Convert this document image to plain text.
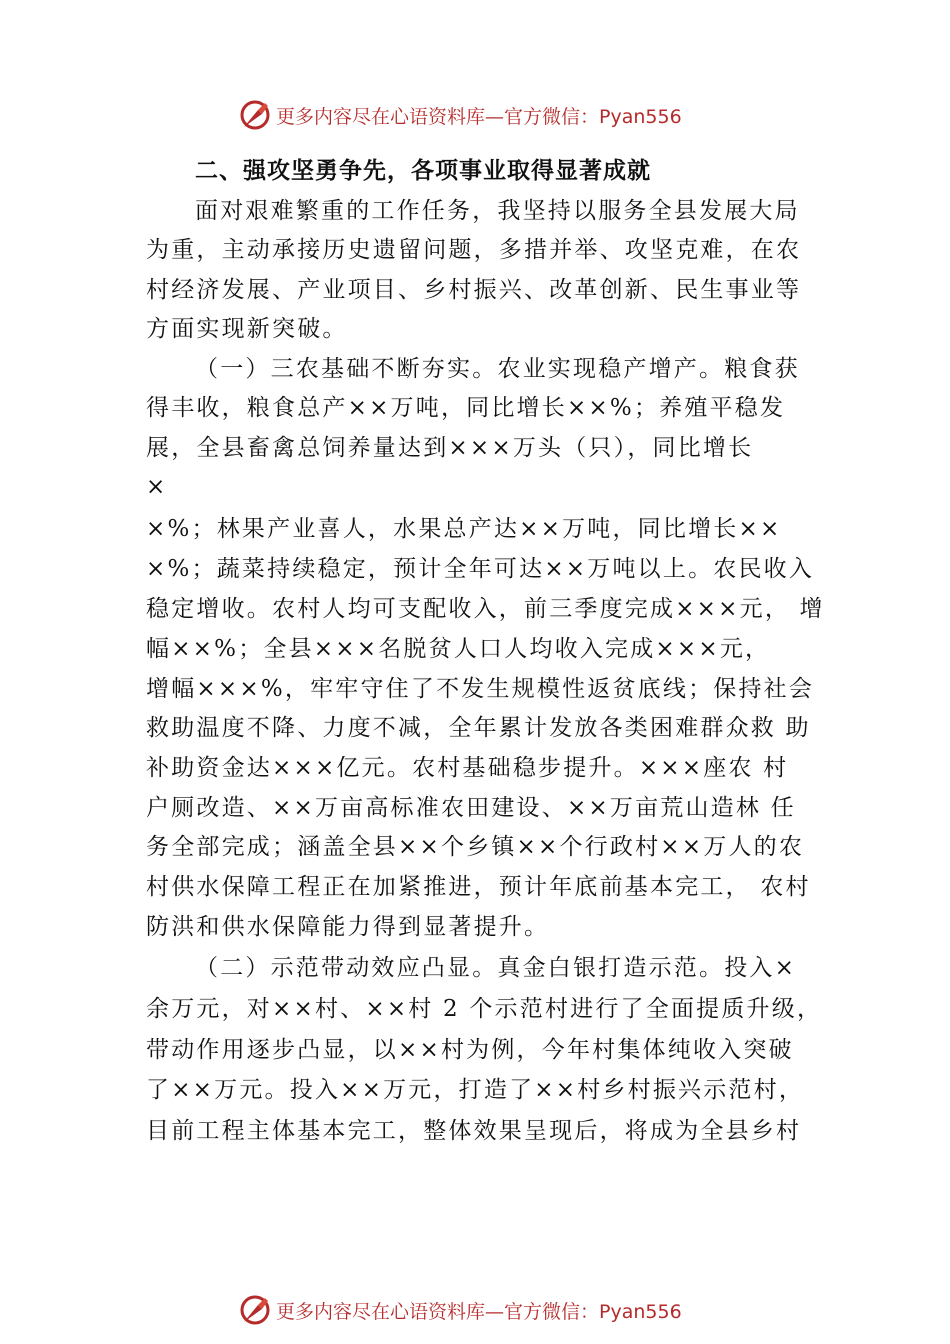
更多内容尽在心语资料库—官方微信：Pyan556
二、强攻坚勇争先，各项事业取得显著成就
面对艰难繁重的工作任务，我坚持以服务全县发展大局
为重，主动承接历史遗留问题，多措并举、攻坚克难，在农
村经济发展、产业项目、乡村振兴、改革创新、民生事业等
方面实现新突破。
（一）三农基础不断夯实。农业实现稳产增产。粮食获
得丰收，粮食总产××万吨，同比增长××%；养殖平稳发
展，全县畜禽总饲养量达到×××万头（只），同比增长
×
×%；林果产业喜人，水果总产达××万吨，同比增长××
×%；蔬菜持续稳定，预计全年可达××万吨以上。农民收入
稳定增收。农村人均可支配收入，前三季度完成×××元， 增
幅××%；全县×××名脱贫人口人均收入完成×××元，
增幅×××%，牢牢守住了不发生规模性返贫底线；保持社会
救助温度不降、力度不减，全年累计发放各类困难群众救 助
补助资金达×××亿元。农村基础稳步提升。×××座农 村
户厕改造、××万亩高标准农田建设、××万亩荒山造林 任
务全部完成；涵盖全县××个乡镇××个行政村××万人的农
村供水保障工程正在加紧推进，预计年底前基本完工， 农村
防洪和供水保障能力得到显著提升。
（二）示范带动效应凸显。真金白银打造示范。投入×
余万元，对××村、××村 2 个示范村进行了全面提质升级，
带动作用逐步凸显，以××村为例，今年村集体纯收入突破
了××万元。投入××万元，打造了××村乡村振兴示范村，
目前工程主体基本完工，整体效果呈现后，将成为全县乡村
更多内容尽在心语资料库—官方微信：Pyan556
